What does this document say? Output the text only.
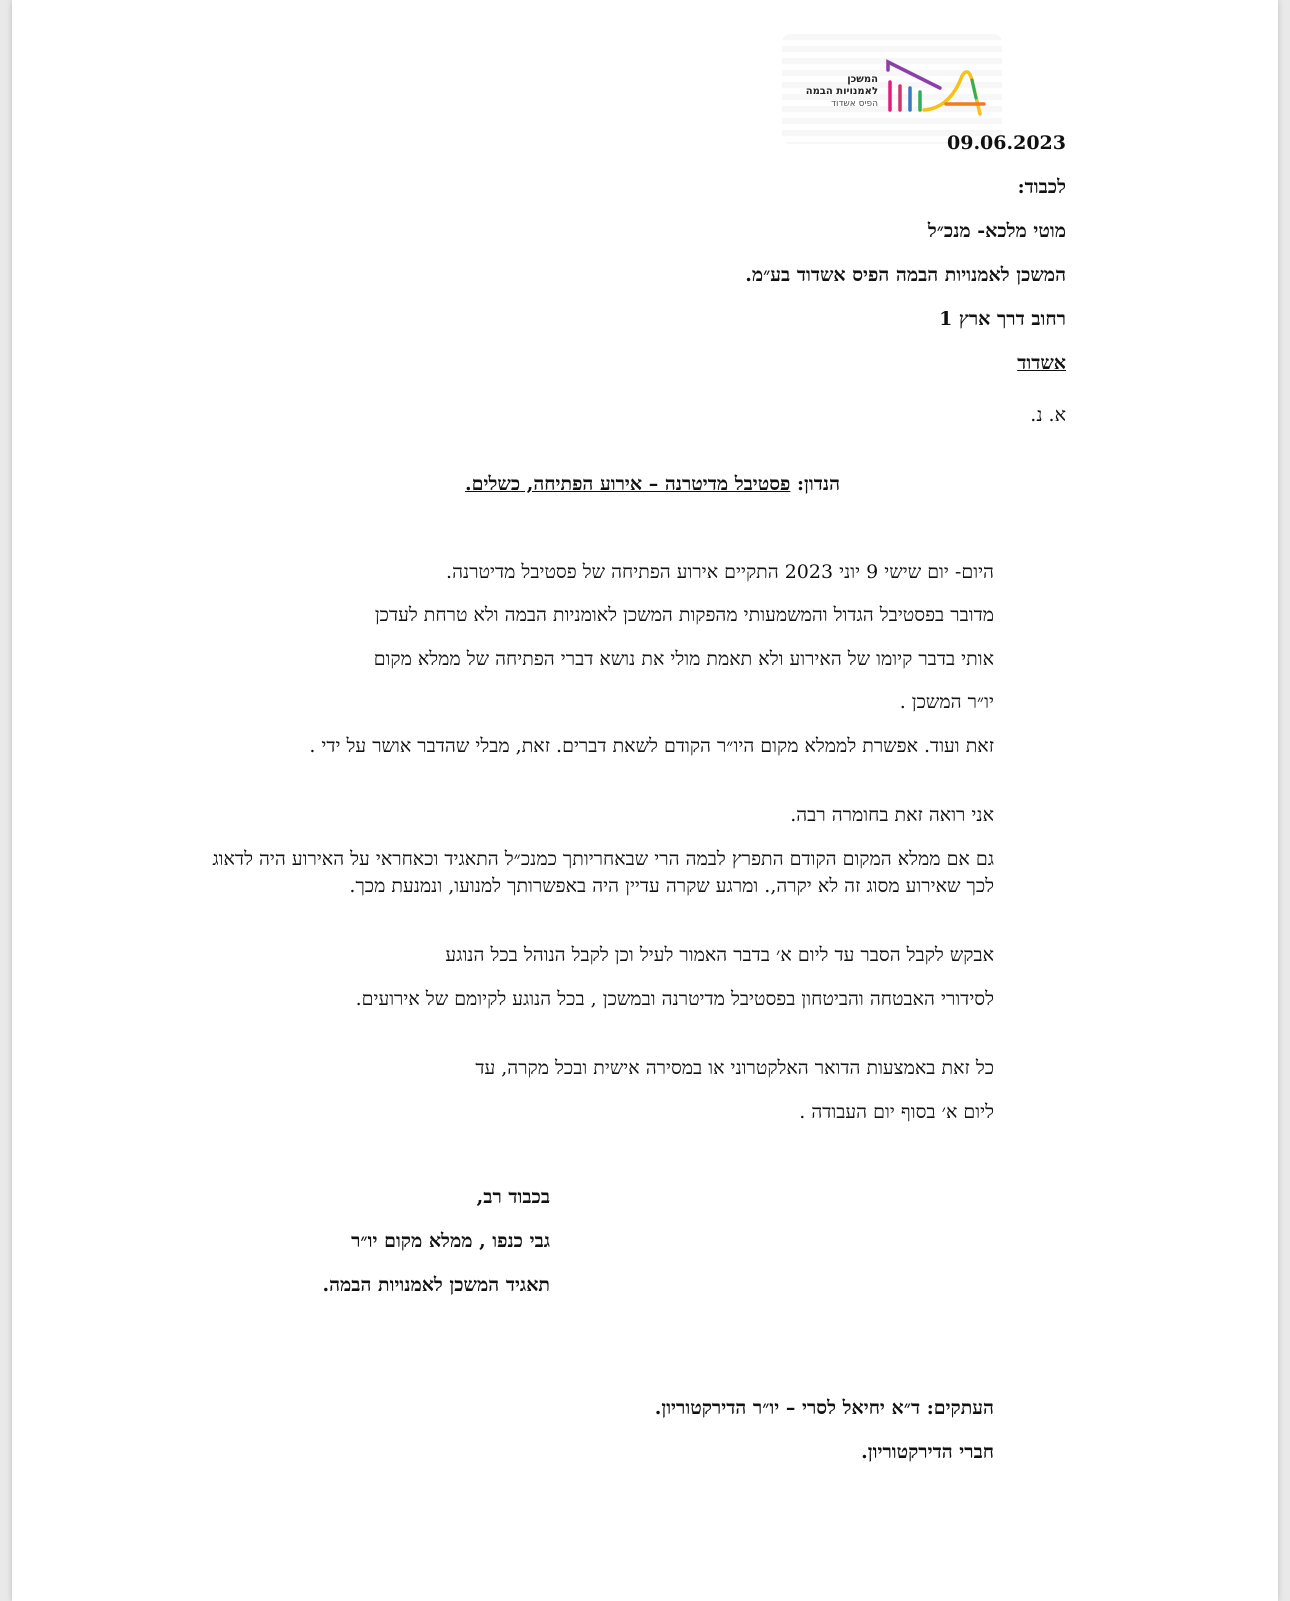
המשכן
לאמנויות הבמה
הפיס אשדוד
09.06.2023
לכבוד:
מוטי מלכא- מנכ״ל
המשכן לאמנויות הבמה הפיס אשדוד בע״מ.
רחוב דרך ארץ 1
אשדוד
א. נ.
הנדון: פסטיבל מדיטרנה – אירוע הפתיחה, כשלים.
היום- יום שישי 9 יוני 2023 התקיים אירוע הפתיחה של פסטיבל מדיטרנה.
מדובר בפסטיבל הגדול והמשמעותי מהפקות המשכן לאומניות הבמה ולא טרחת לעדכן
אותי בדבר קיומו של האירוע ולא תאמת מולי את נושא דברי הפתיחה של ממלא מקום
יו״ר המשכן .
זאת ועוד. אפשרת לממלא מקום היו״ר הקודם לשאת דברים. זאת, מבלי שהדבר אושר על ידי .
אני רואה זאת בחומרה רבה.
גם אם ממלא המקום הקודם התפרץ לבמה הרי שבאחריותך כמנכ״ל התאגיד וכאחראי על האירוע היה לדאוג לכך שאירוע מסוג זה לא יקרה,. ומרגע שקרה עדיין היה באפשרותך למנועו, ונמנעת מכך.
אבקש לקבל הסבר עד ליום א׳ בדבר האמור לעיל וכן לקבל הנוהל בכל הנוגע
לסידורי האבטחה והביטחון בפסטיבל מדיטרנה ובמשכן , בכל הנוגע לקיומם של אירועים.
כל זאת באמצעות הדואר האלקטרוני או במסירה אישית ובכל מקרה, עד
ליום א׳ בסוף יום העבודה .
בכבוד רב,
גבי כנפו , ממלא מקום יו״ר
תאגיד המשכן לאמנויות הבמה.
העתקים: ד״א יחיאל לסרי – יו״ר הדירקטוריון.
חברי הדירקטוריון.
